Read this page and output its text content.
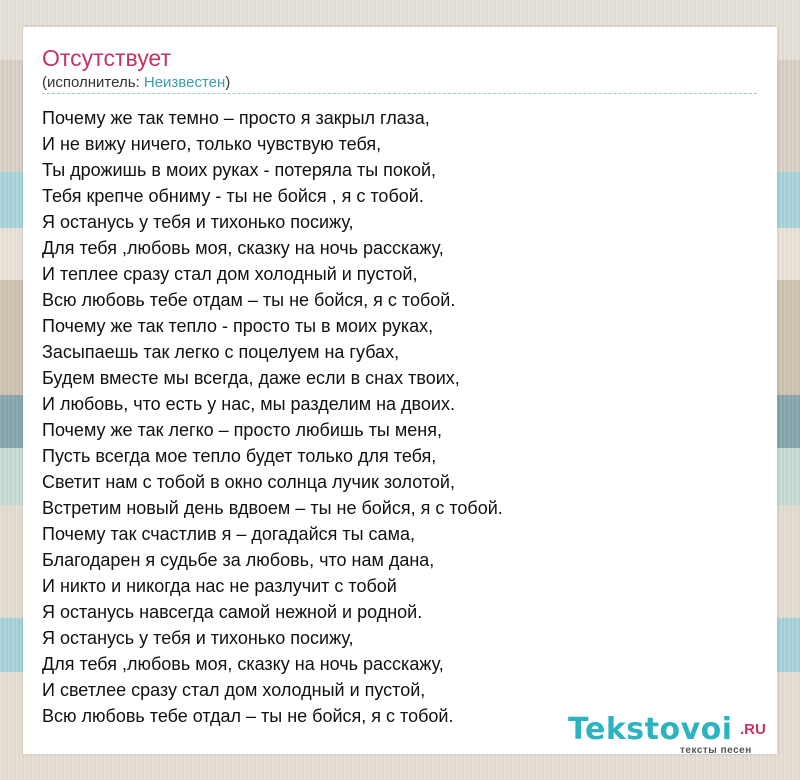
Отсутствует
(исполнитель: Неизвестен)
Почему же так темно – просто я закрыл глаза,
И не вижу ничего, только чувствую тебя,
Ты дрожишь в моих руках - потеряла ты покой,
Тебя крепче обниму - ты не бойся , я с тобой.
Я останусь у тебя и тихонько посижу,
Для тебя ,любовь моя, сказку на ночь расскажу,
И теплее сразу стал дом холодный и пустой,
Всю любовь тебе отдам – ты не бойся, я с тобой.
Почему же так тепло - просто ты в моих руках,
Засыпаешь так легко с поцелуем на губах,
Будем вместе мы всегда, даже если в снах твоих,
И любовь, что есть у нас, мы разделим на двоих.
Почему же так легко – просто любишь ты меня,
Пусть всегда мое тепло будет только для тебя,
Светит нам с тобой в окно солнца лучик золотой,
Встретим новый день вдвоем – ты не бойся, я с тобой.
Почему так счастлив я – догадайся ты сама,
Благодарен я судьбе за любовь, что нам дана,
И никто и никогда нас не разлучит с тобой
Я останусь навсегда самой нежной и родной.
Я останусь у тебя и тихонько посижу,
Для тебя ,любовь моя, сказку на ночь расскажу,
И светлее сразу стал дом холодный и пустой,
Всю любовь тебе отдал – ты не бойся, я с тобой.	Tekstovoi .RU
тексты песен
